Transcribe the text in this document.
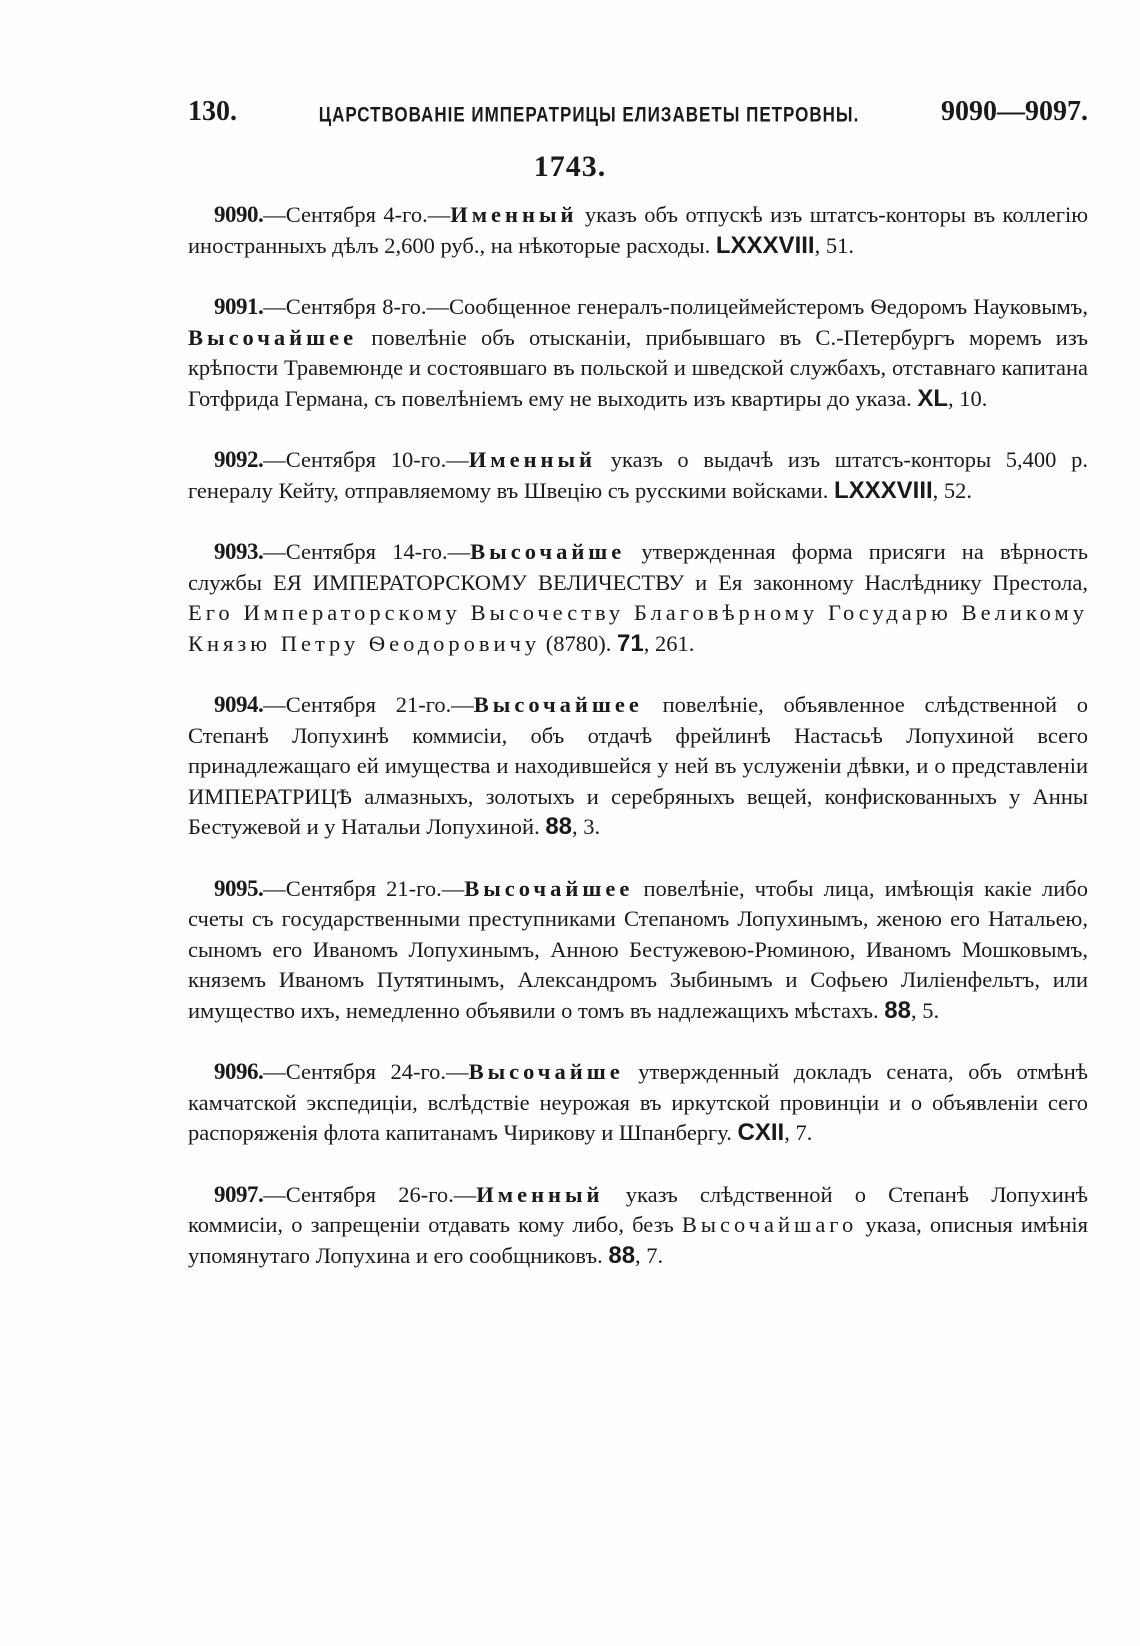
130.	ЦАРСТВОВАНІЕ ИМПЕРАТРИЦЫ ЕЛИЗАВЕТЫ ПЕТРОВНЫ.	9090—9097.
1743.

9090.—Сентября 4-го.—Именный указъ объ отпускѣ изъ штатсъ-конторы въ коллегію иностранныхъ дѣлъ 2,600 руб., на нѣкоторые расходы. LXXXVIII, 51.

9091.—Сентября 8-го.—Сообщенное генералъ-полицеймейстеромъ Ѳедоромъ Науковымъ, Высочайшее повелѣніе объ отысканіи, прибывшаго въ С.-Петербургъ моремъ изъ крѣпости Травемюнде и состоявшаго въ польской и шведской службахъ, отставнаго капитана Готфрида Германа, съ повелѣніемъ ему не выходить изъ квартиры до указа. XL, 10.

9092.—Сентября 10-го.—Именный указъ о выдачѣ изъ штатсъ-конторы 5,400 р. генералу Кейту, отправляемому въ Швецію съ русскими войсками. LXXXVIII, 52.

9093.—Сентября 14-го.—Высочайше утвержденная форма присяги на вѣрность службы ЕЯ ИМПЕРАТОРСКОМУ ВЕЛИЧЕСТВУ и Ея законному Наслѣднику Престола, Его Императорскому Высочеству Благовѣрному Государю Великому Князю Петру Ѳеодоровичу (8780). 71, 261.

9094.—Сентября 21-го.—Высочайшее повелѣніе, объявленное слѣдственной о Степанѣ Лопухинѣ коммисіи, объ отдачѣ фрейлинѣ Настасьѣ Лопухиной всего принадлежащаго ей имущества и находившейся у ней въ услуженіи дѣвки, и о представленіи ИМПЕРАТРИЦѢ алмазныхъ, золотыхъ и серебряныхъ вещей, конфискованныхъ у Анны Бестужевой и у Натальи Лопухиной. 88, 3.

9095.—Сентября 21-го.—Высочайшее повелѣніе, чтобы лица, имѣющія какіе либо счеты съ государственными преступниками Степаномъ Лопухинымъ, женою его Натальею, сыномъ его Иваномъ Лопухинымъ, Анною Бестужевою-Рюминою, Иваномъ Мошковымъ, княземъ Иваномъ Путятинымъ, Александромъ Зыбинымъ и Софьею Лиліенфельтъ, или имущество ихъ, немедленно объявили о томъ въ надлежащихъ мѣстахъ. 88, 5.

9096.—Сентября 24-го.—Высочайше утвержденный докладъ сената, объ отмѣнѣ камчатской экспедиціи, вслѣдствіе неурожая въ иркутской провинціи и о объявленіи сего распоряженія флота капитанамъ Чирикову и Шпанбергу. CXII, 7.

9097.—Сентября 26-го.—Именный указъ слѣдственной о Степанѣ Лопухинѣ коммисіи, о запрещеніи отдавать кому либо, безъ Высочайшаго указа, описныя имѣнія упомянутаго Лопухина и его сообщниковъ. 88, 7.
